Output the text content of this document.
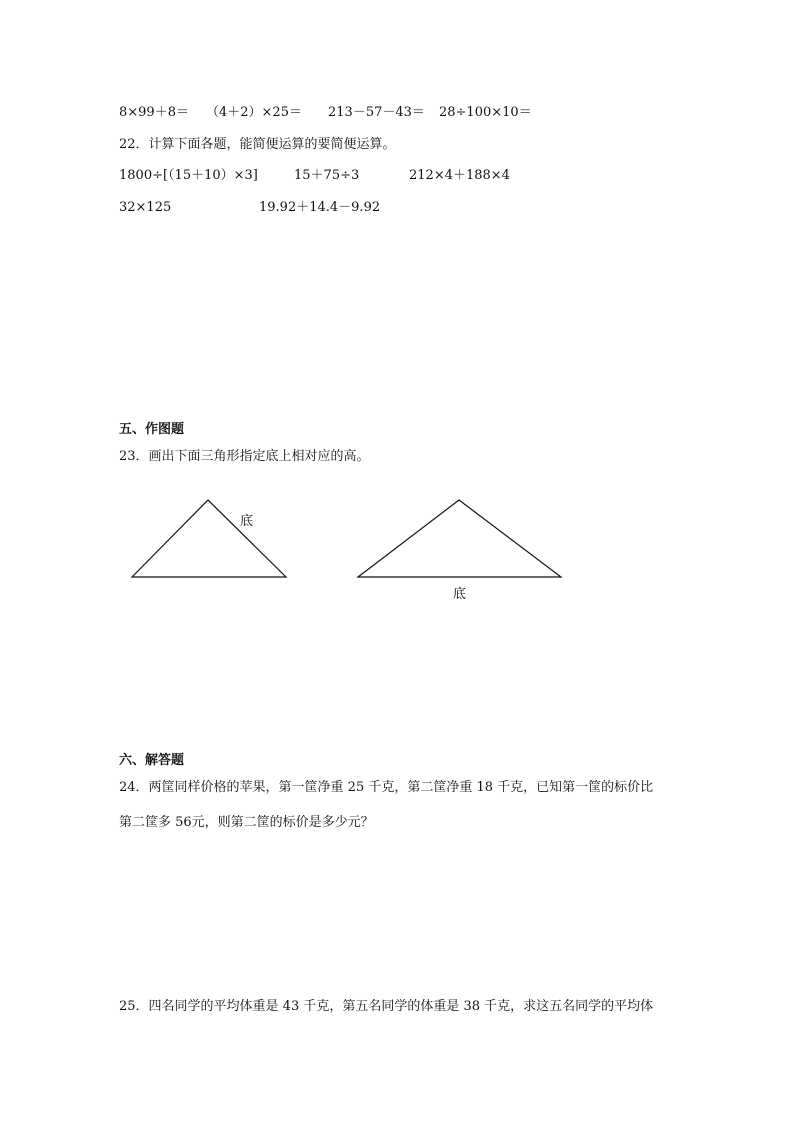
8×99＋8＝ （4＋2）×25＝ 213－57－43＝ 28÷100×10＝
22．计算下面各题，能简便运算的要简便运算。
1800÷[（15＋10）×3]	15＋75÷3	212×4＋188×4
32×125	19.92＋14.4－9.92
五、作图题
23．画出下面三角形指定底上相对应的高。
底
底
六、解答题
24．两筐同样价格的苹果，第一筐净重 25 千克，第二筐净重 18 千克，已知第一筐的标价比
第二筐多 56元，则第二筐的标价是多少元？
25．四名同学的平均体重是 43 千克，第五名同学的体重是 38 千克，求这五名同学的平均体
